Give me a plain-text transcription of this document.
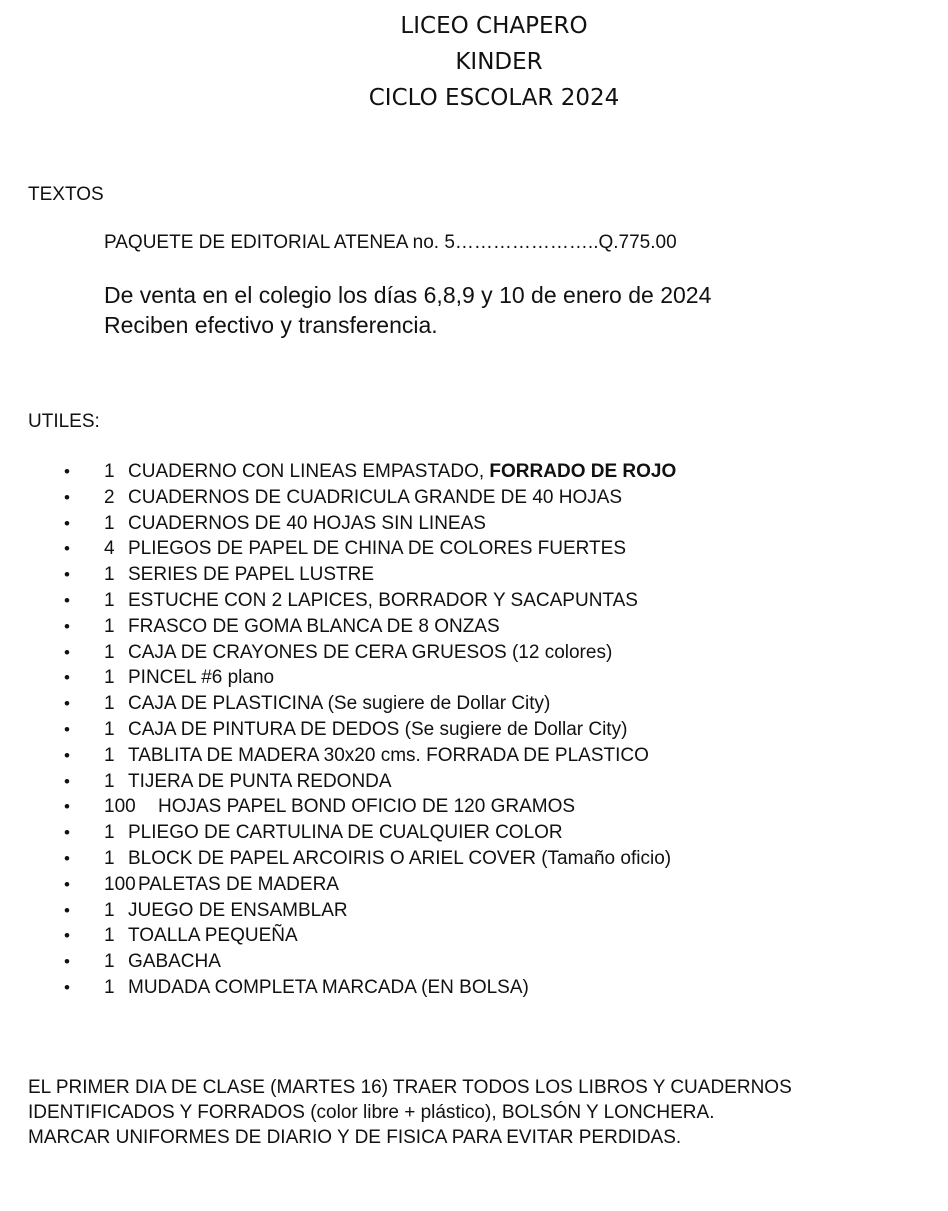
LICEO CHAPERO
KINDER
CICLO ESCOLAR 2024
TEXTOS
PAQUETE DE EDITORIAL ATENEA no. 5…………………..Q.775.00
De venta en el colegio los días 6,8,9 y 10 de enero de 2024
Reciben efectivo y transferencia.
UTILES:
• 1 CUADERNO CON LINEAS EMPASTADO, FORRADO DE ROJO
• 2 CUADERNOS DE CUADRICULA GRANDE DE 40 HOJAS
• 1 CUADERNOS DE 40 HOJAS SIN LINEAS
• 4 PLIEGOS DE PAPEL DE CHINA DE COLORES FUERTES
• 1 SERIES DE PAPEL LUSTRE
• 1 ESTUCHE CON 2 LAPICES, BORRADOR Y SACAPUNTAS
• 1 FRASCO DE GOMA BLANCA DE 8 ONZAS
• 1 CAJA DE CRAYONES DE CERA GRUESOS (12 colores)
• 1 PINCEL #6 plano
• 1 CAJA DE PLASTICINA (Se sugiere de Dollar City)
• 1 CAJA DE PINTURA DE DEDOS (Se sugiere de Dollar City)
• 1 TABLITA DE MADERA 30x20 cms. FORRADA DE PLASTICO
• 1 TIJERA DE PUNTA REDONDA
• 100 HOJAS PAPEL BOND OFICIO DE 120 GRAMOS
• 1 PLIEGO DE CARTULINA DE CUALQUIER COLOR
• 1 BLOCK DE PAPEL ARCOIRIS O ARIEL COVER (Tamaño oficio)
• 100 PALETAS DE MADERA
• 1 JUEGO DE ENSAMBLAR
• 1 TOALLA PEQUEÑA
• 1 GABACHA
• 1 MUDADA COMPLETA MARCADA (EN BOLSA)
EL PRIMER DIA DE CLASE (MARTES 16) TRAER TODOS LOS LIBROS Y CUADERNOS
IDENTIFICADOS Y FORRADOS (color libre + plástico), BOLSÓN Y LONCHERA.
MARCAR UNIFORMES DE DIARIO Y DE FISICA PARA EVITAR PERDIDAS.
